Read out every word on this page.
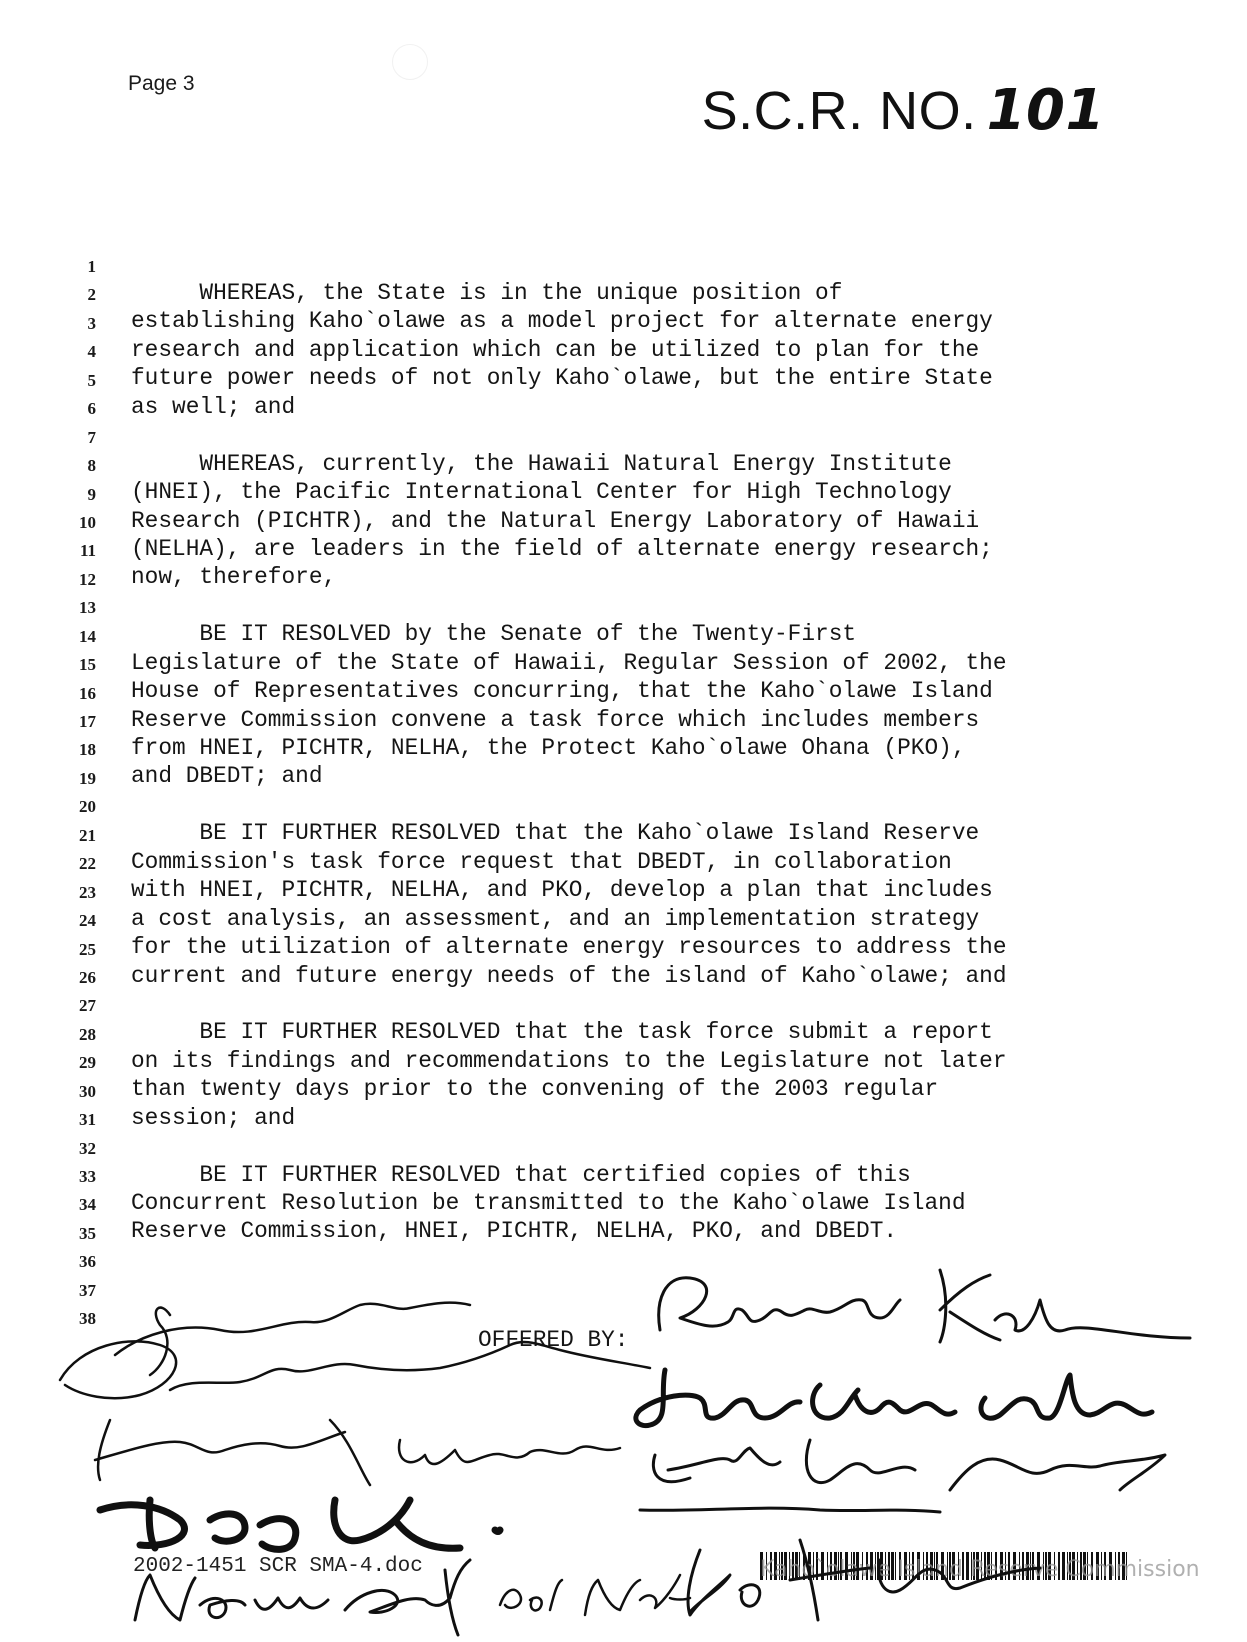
Page 3	S.C.R. NO. 101
1
2
3
4
5
6
7
8
9
10
11
12
13
14
15
16
17
18
19
20
21
22
23
24
25
26
27
28
29
30
31
32
33
34
35
36
37
38
WHEREAS, the State is in the unique position of
establishing Kaho`olawe as a model project for alternate energy
research and application which can be utilized to plan for the
future power needs of not only Kaho`olawe, but the entire State
as well; and
WHEREAS, currently, the Hawaii Natural Energy Institute
(HNEI), the Pacific International Center for High Technology
Research (PICHTR), and the Natural Energy Laboratory of Hawaii
(NELHA), are leaders in the field of alternate energy research;
now, therefore,
BE IT RESOLVED by the Senate of the Twenty-First
Legislature of the State of Hawaii, Regular Session of 2002, the
House of Representatives concurring, that the Kaho`olawe Island
Reserve Commission convene a task force which includes members
from HNEI, PICHTR, NELHA, the Protect Kaho`olawe Ohana (PKO),
and DBEDT; and
BE IT FURTHER RESOLVED that the Kaho`olawe Island Reserve
Commission's task force request that DBEDT, in collaboration
with HNEI, PICHTR, NELHA, and PKO, develop a plan that includes
a cost analysis, an assessment, and an implementation strategy
for the utilization of alternate energy resources to address the
current and future energy needs of the island of Kaho`olawe; and
BE IT FURTHER RESOLVED that the task force submit a report
on its findings and recommendations to the Legislature not later
than twenty days prior to the convening of the 2003 regular
session; and
BE IT FURTHER RESOLVED that certified copies of this
Concurrent Resolution be transmitted to the Kaho`olawe Island
Reserve Commission, HNEI, PICHTR, NELHA, PKO, and DBEDT.
OFFERED BY:
2002-1451 SCR SMA-4.doc	Kaho`olawe Island Reserve Commission
